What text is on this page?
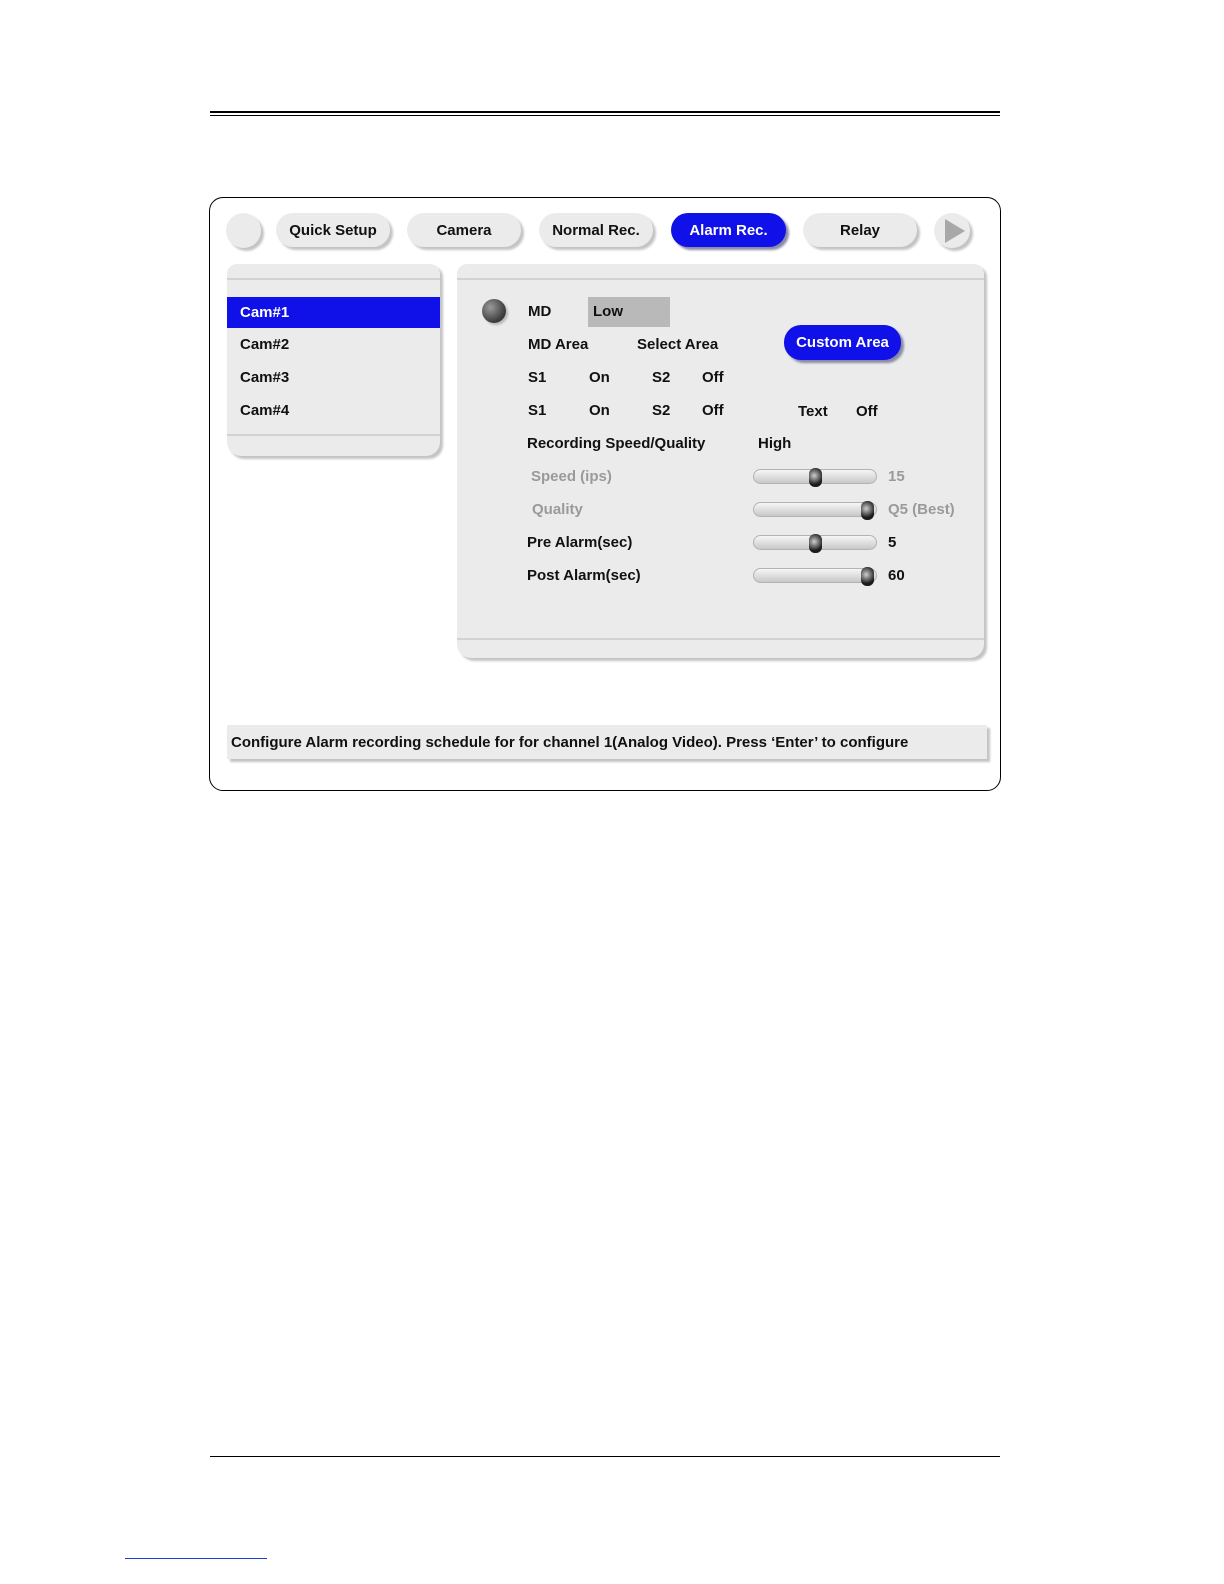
Quick Setup	Camera	Normal Rec.	Alarm Rec.	Relay
Cam#1
Cam#2
Cam#3
Cam#4
MD	Low
MD Area	Select Area	Custom Area
S1	On	S2 Off
S1	On	S2 Off	Text Off
Recording Speed/Quality	High
Speed (ips)	15
Quality	Q5 (Best)
Pre Alarm(sec)	5
Post Alarm(sec)	60
Configure Alarm recording schedule for for channel 1(Analog Video). Press ‘Enter’ to configure
